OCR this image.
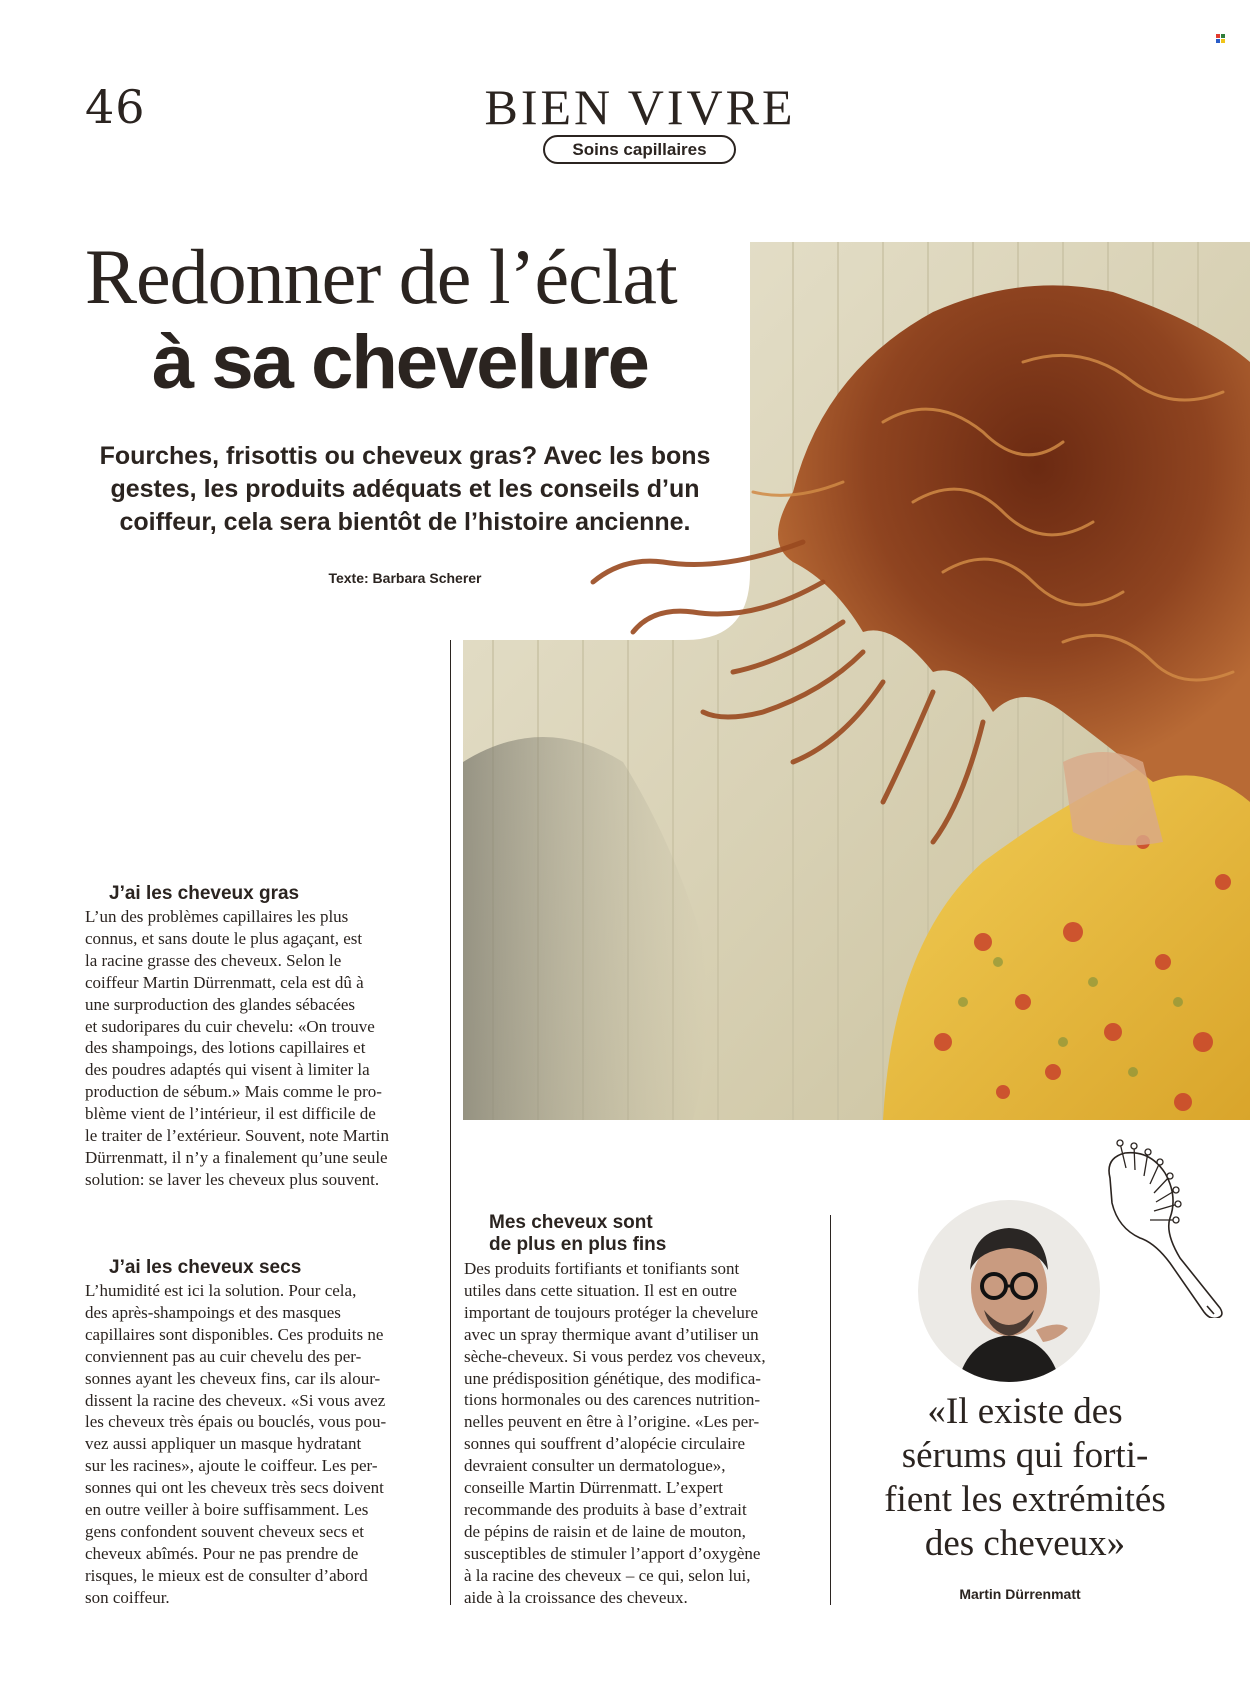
46	BIEN VIVRE
Soins capillaires
Redonner de l’éclat
à sa chevelure
Fourches, frisottis ou cheveux gras? Avec les bons gestes, les produits adéquats et les conseils d’un coiffeur, cela sera bientôt de l’histoire ancienne.
Texte: Barbara Scherer
J’ai les cheveux gras
L’un des problèmes capillaires les plus
connus, et sans doute le plus agaçant, est
la racine grasse des cheveux. Selon le
coiffeur Martin Dürrenmatt, cela est dû à
une surproduction des glandes sébacées
et sudoripares du cuir chevelu: «On trouve
des shampoings, des lotions capillaires et
des poudres adaptés qui visent à limiter la
production de sébum.» Mais comme le pro-
blème vient de l’intérieur, il est difficile de
le traiter de l’extérieur. Souvent, note Martin
Dürrenmatt, il n’y a finalement qu’une seule
solution: se laver les cheveux plus souvent.
J’ai les cheveux secs
L’humidité est ici la solution. Pour cela,
des après-shampoings et des masques
capillaires sont disponibles. Ces produits ne
conviennent pas au cuir chevelu des per-
sonnes ayant les cheveux fins, car ils alour-
dissent la racine des cheveux. «Si vous avez
les cheveux très épais ou bouclés, vous pou-
vez aussi appliquer un masque hydratant
sur les racines», ajoute le coiffeur. Les per-
sonnes qui ont les cheveux très secs doivent
en outre veiller à boire suffisamment. Les
gens confondent souvent cheveux secs et
cheveux abîmés. Pour ne pas prendre de
risques, le mieux est de consulter d’abord
son coiffeur.
Mes cheveux sont
de plus en plus fins
Des produits fortifiants et tonifiants sont
utiles dans cette situation. Il est en outre
important de toujours protéger la chevelure
avec un spray thermique avant d’utiliser un
sèche-cheveux. Si vous perdez vos cheveux,
une prédisposition génétique, des modifica-
tions hormonales ou des carences nutrition-
nelles peuvent en être à l’origine. «Les per-
sonnes qui souffrent d’alopécie circulaire
devraient consulter un dermatologue»,
conseille Martin Dürrenmatt. L’expert
recommande des produits à base d’extrait
de pépins de raisin et de laine de mouton,
susceptibles de stimuler l’apport d’oxygène
à la racine des cheveux – ce qui, selon lui,
aide à la croissance des cheveux.
«Il existe des
sérums qui forti-
fient les extrémités
des cheveux»
Martin Dürrenmatt
